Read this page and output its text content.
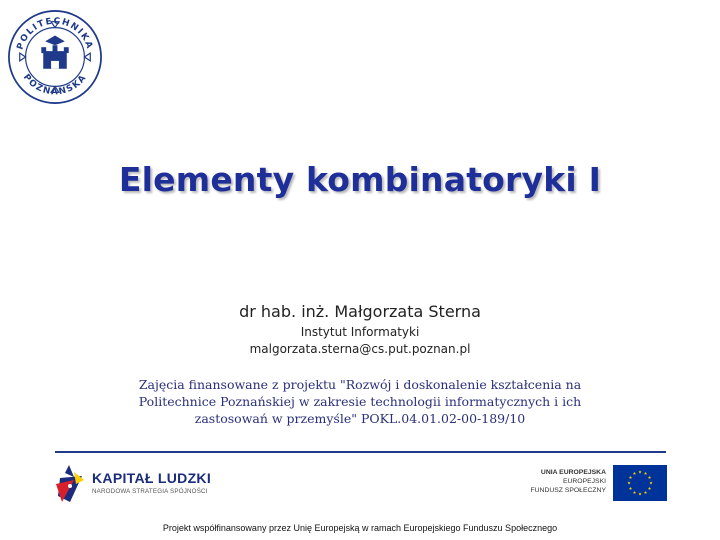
POLITECHNIKA
POZNAŃSKA
Elementy kombinatoryki I
dr hab. inż. Małgorzata Sterna
Instytut Informatyki
malgorzata.sterna@cs.put.poznan.pl
Zajęcia finansowane z projektu "Rozwój i doskonalenie kształcenia na
Politechnice Poznańskiej w zakresie technologii informatycznych i ich
zastosowań w przemyśle" POKL.04.01.02-00-189/10
KAPITAŁ LUDZKI
NARODOWA STRATEGIA SPÓJNOŚCI
UNIA EUROPEJSKA
EUROPEJSKI
FUNDUSZ SPOŁECZNY
Projekt współfinansowany przez Unię Europejską w ramach Europejskiego Funduszu Społecznego
